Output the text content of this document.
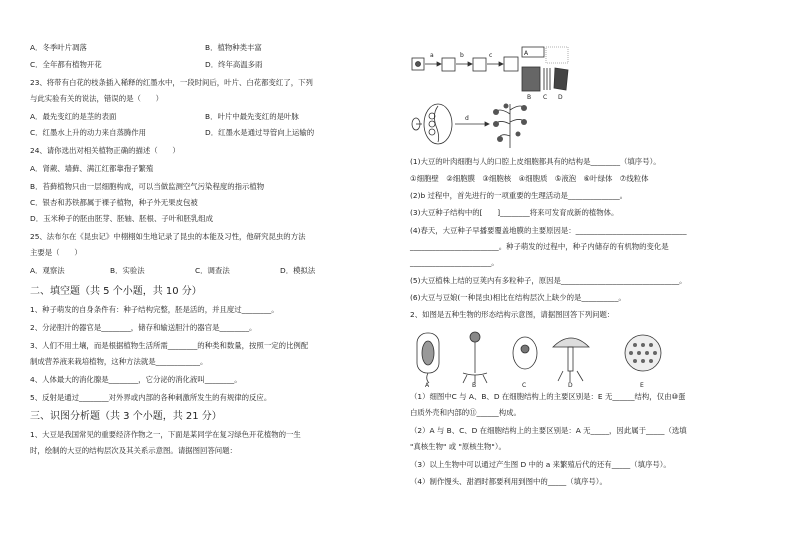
A．冬季叶片凋落	B．植物种类丰富
C．全年都有植物开花	D．终年高温多雨
23、将带有白花的枝条插入稀释的红墨水中，一段时间后，叶片、白花都变红了，下列
与此实验有关的说法，错误的是（　　）
A．最先变红的是茎的表面	B．叶片中最先变红的是叶脉
C．红墨水上升的动力来自蒸腾作用	D．红墨水是通过导管向上运输的
24、请你选出对相关植物正确的描述（　　）
A．肾蕨、墙藓、满江红都靠孢子繁殖
B．苔藓植物只由一层细胞构成，可以当做监测空气污染程度的指示植物
C．银杏和苏铁都属于裸子植物，种子外无果皮包被
D．玉米种子的胚由胚芽、胚轴、胚根、子叶和胚乳组成
25、法布尔在《昆虫记》中栩栩如生地记录了昆虫的本能及习性，他研究昆虫的方法
主要是（　　）
A．观察法	B．实验法	C．调查法	D．模拟法
二、填空题（共 5 个小题，共 10 分）
1、种子萌发的自身条件有：种子结构完整，胚是活的，并且度过________。
2、分泌胆汁的器官是________，储存和输送胆汁的器官是________。
3、人们不用土壤，而是根据植物生活所需________的种类和数量，按照一定的比例配
制成营养液来栽培植物，这种方法就是____________。
4、人体最大的消化腺是________，它分泌的消化液叫________。
5、反射是通过________对外界或内部的各种刺激所发生的有规律的反应。
三、识图分析题（共 3 个小题，共 21 分）
1、大豆是我国常见的重要经济作物之一，下面是某同学在复习绿色开花植物的一生
时，绘制的大豆的结构层次及其关系示意图。请据图回答问题：
a	b	c
d
A
B C D
(1)大豆的叶肉细胞与人的口腔上皮细胞都具有的结构是________（填序号）。
①细胞壁　②细胞膜　③细胞核　④细胞质　⑤液泡　⑥叶绿体　⑦线粒体
(2)b 过程中，首先进行的一项重要的生理活动是______________。
(3)大豆种子结构中的[　　]________将来可发育成新的植物体。
(4)春天，大豆种子早播要覆盖地膜的主要原因是：______________________________
________________________。种子萌发的过程中，种子内储存的有机物的变化是
______________________。
(5)大豆植株上结的豆荚内有多粒种子，原因是________________________________。
(6)大豆与豆娘(一种昆虫)相比在结构层次上缺少的是__________。
2、如图是五种生物的形态结构示意图，请据图回答下列问题：
（1）细图中C 与 A、B、D 在细胞结构上的主要区别是：E 无______结构，仅由⑩蛋
白质外壳和内部的⑪______构成。
（2）A 与 B、C、D 在细胞结构上的主要区别是：A 无_____，因此属于_____（选填
"真核生物" 或 "原核生物"）。
（3）以上生物中可以通过产生图 D 中的 a 来繁殖后代的还有_____（填序号）。
（4）制作馒头、甜酒时都要利用到图中的_____（填序号）。
A	B	C	D	E
